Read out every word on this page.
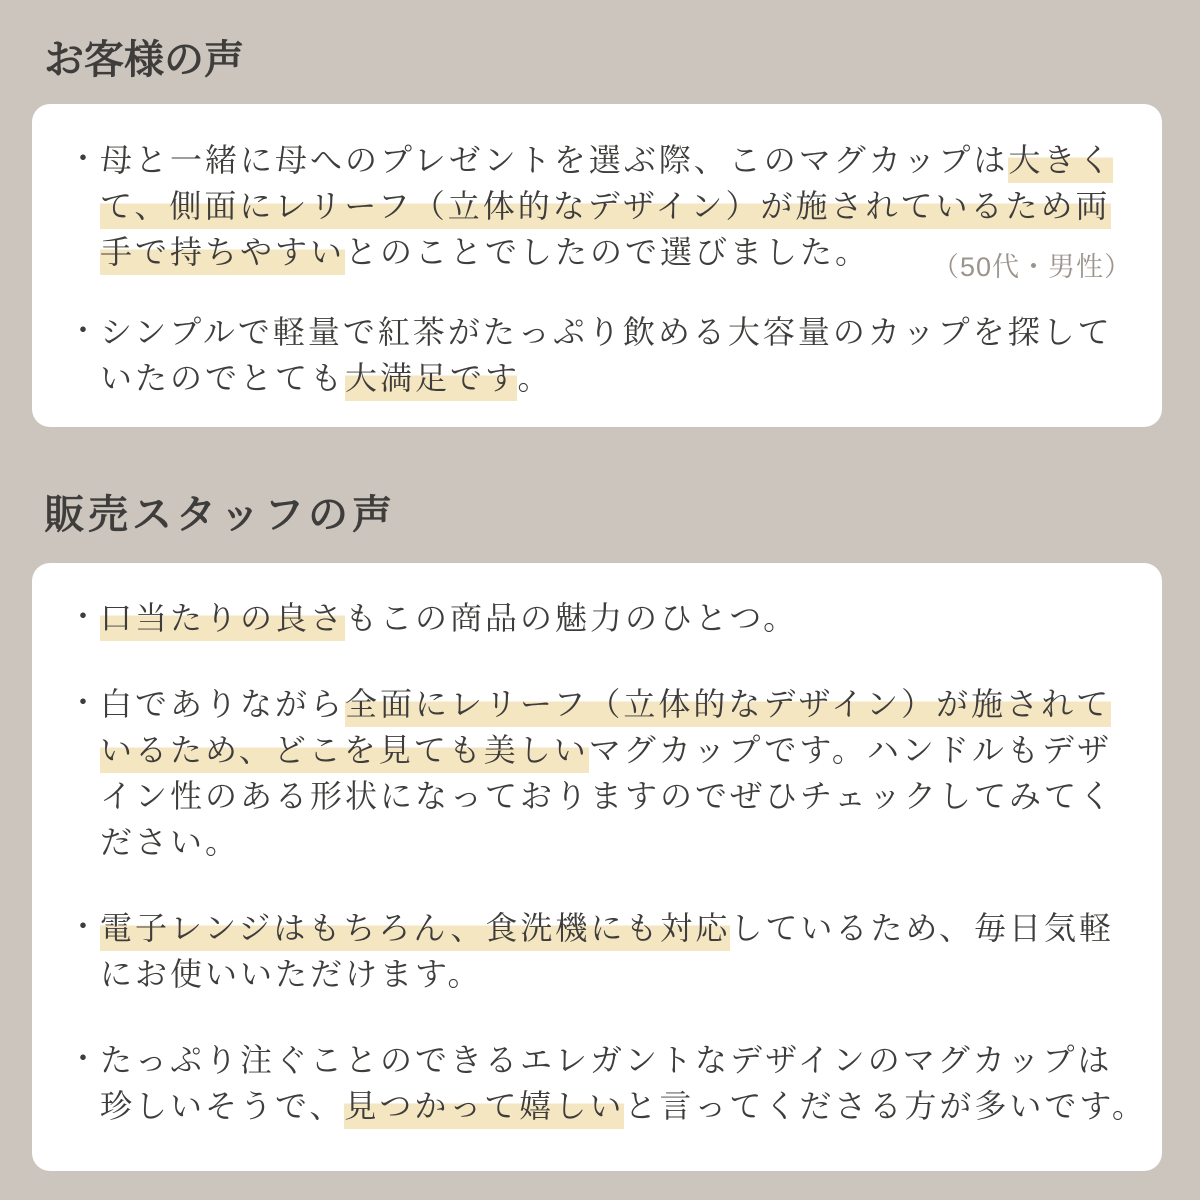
お客様の声
・ 母と一緒に母へのプレゼントを選ぶ際、このマグカップは大きく
て、側面にレリーフ（立体的なデザイン）が施されているため両
手で持ちやすいとのことでしたので選びました。	（50代・男性）
・ シンプルで軽量で紅茶がたっぷり飲める大容量のカップを探して
いたのでとても大満足です。
販売スタッフの声
・ 口当たりの良さもこの商品の魅力のひとつ。
・ 白でありながら全面にレリーフ（立体的なデザイン）が施されて
いるため、どこを見ても美しいマグカップです。ハンドルもデザ
イン性のある形状になっておりますのでぜひチェックしてみてく
ださい。
・ 電子レンジはもちろん、食洗機にも対応しているため、毎日気軽
にお使いいただけます。
・ たっぷり注ぐことのできるエレガントなデザインのマグカップは
珍しいそうで、見つかって嬉しいと言ってくださる方が多いです。
